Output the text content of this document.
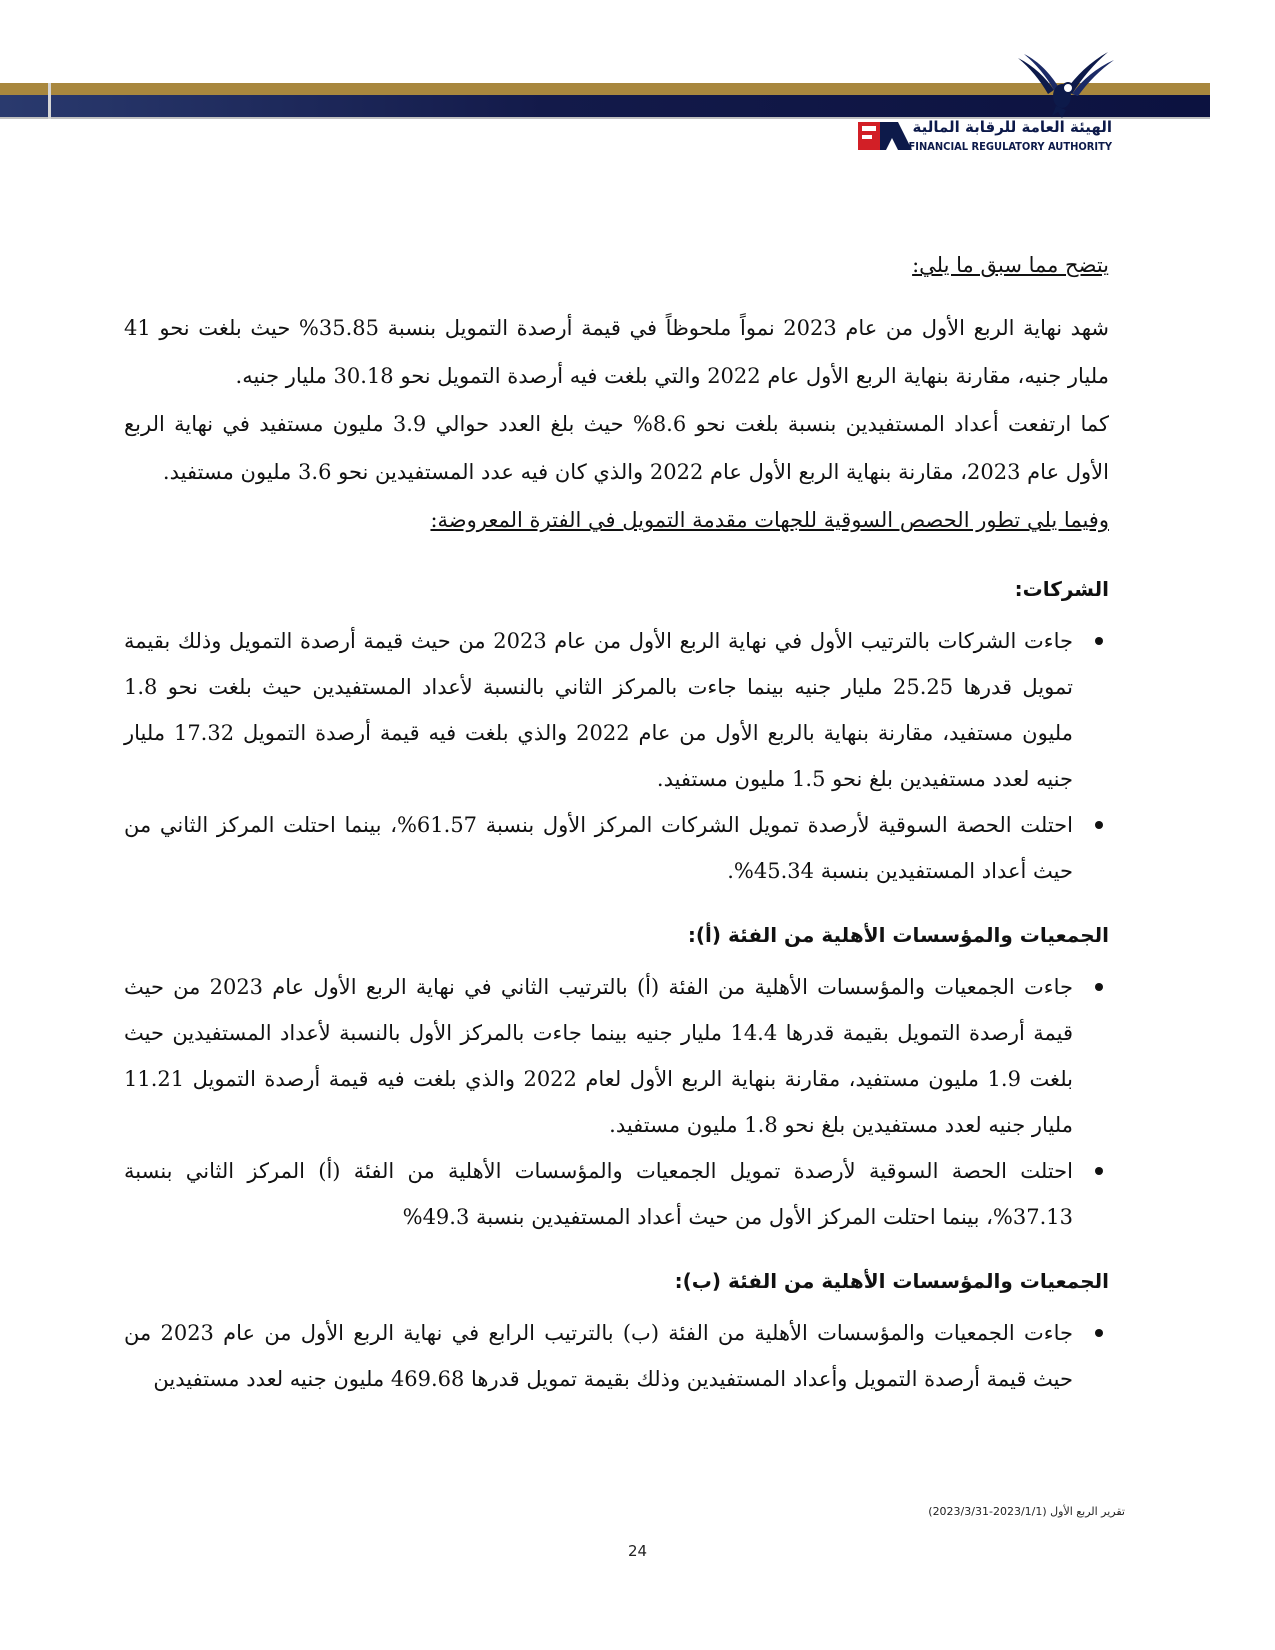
الهيئة العامة للرقابة المالية
FINANCIAL REGULATORY AUTHORITY
يتضح مما سبق ما يلي:

شهد نهاية الربع الأول من عام 2023 نمواً ملحوظاً في قيمة أرصدة التمويل بنسبة 35.85% حيث بلغت نحو 41 مليار جنيه، مقارنة بنهاية الربع الأول عام 2022 والتي بلغت فيه أرصدة التمويل نحو 30.18 مليار جنيه.

كما ارتفعت أعداد المستفيدين بنسبة بلغت نحو 8.6% حيث بلغ العدد حوالي 3.9 مليون مستفيد في نهاية الربع الأول عام 2023، مقارنة بنهاية الربع الأول عام 2022 والذي كان فيه عدد المستفيدين نحو 3.6 مليون مستفيد.

وفيما يلي تطور الحصص السوقية للجهات مقدمة التمويل في الفترة المعروضة:

الشركات:
جاءت الشركات بالترتيب الأول في نهاية الربع الأول من عام 2023 من حيث قيمة أرصدة التمويل وذلك بقيمة تمويل قدرها 25.25 مليار جنيه بينما جاءت بالمركز الثاني بالنسبة لأعداد المستفيدين حيث بلغت نحو 1.8 مليون مستفيد، مقارنة بنهاية بالربع الأول من عام 2022 والذي بلغت فيه قيمة أرصدة التمويل 17.32 مليار جنيه لعدد مستفيدين بلغ نحو 1.5 مليون مستفيد.
احتلت الحصة السوقية لأرصدة تمويل الشركات المركز الأول بنسبة 61.57%، بينما احتلت المركز الثاني من حيث أعداد المستفيدين بنسبة 45.34%.
الجمعيات والمؤسسات الأهلية من الفئة (أ):
جاءت الجمعيات والمؤسسات الأهلية من الفئة (أ) بالترتيب الثاني في نهاية الربع الأول عام 2023 من حيث قيمة أرصدة التمويل بقيمة قدرها 14.4 مليار جنيه بينما جاءت بالمركز الأول بالنسبة لأعداد المستفيدين حيث بلغت 1.9 مليون مستفيد، مقارنة بنهاية الربع الأول لعام 2022 والذي بلغت فيه قيمة أرصدة التمويل 11.21 مليار جنيه لعدد مستفيدين بلغ نحو 1.8 مليون مستفيد.
احتلت الحصة السوقية لأرصدة تمويل الجمعيات والمؤسسات الأهلية من الفئة (أ) المركز الثاني بنسبة 37.13%، بينما احتلت المركز الأول من حيث أعداد المستفيدين بنسبة 49.3%
الجمعيات والمؤسسات الأهلية من الفئة (ب):
جاءت الجمعيات والمؤسسات الأهلية من الفئة (ب) بالترتيب الرابع في نهاية الربع الأول من عام 2023 من حيث قيمة أرصدة التمويل وأعداد المستفيدين وذلك بقيمة تمويل قدرها 469.68 مليون جنيه لعدد مستفيدين
تقرير الربع الأول (2023/1/1-2023/3/31)
24
